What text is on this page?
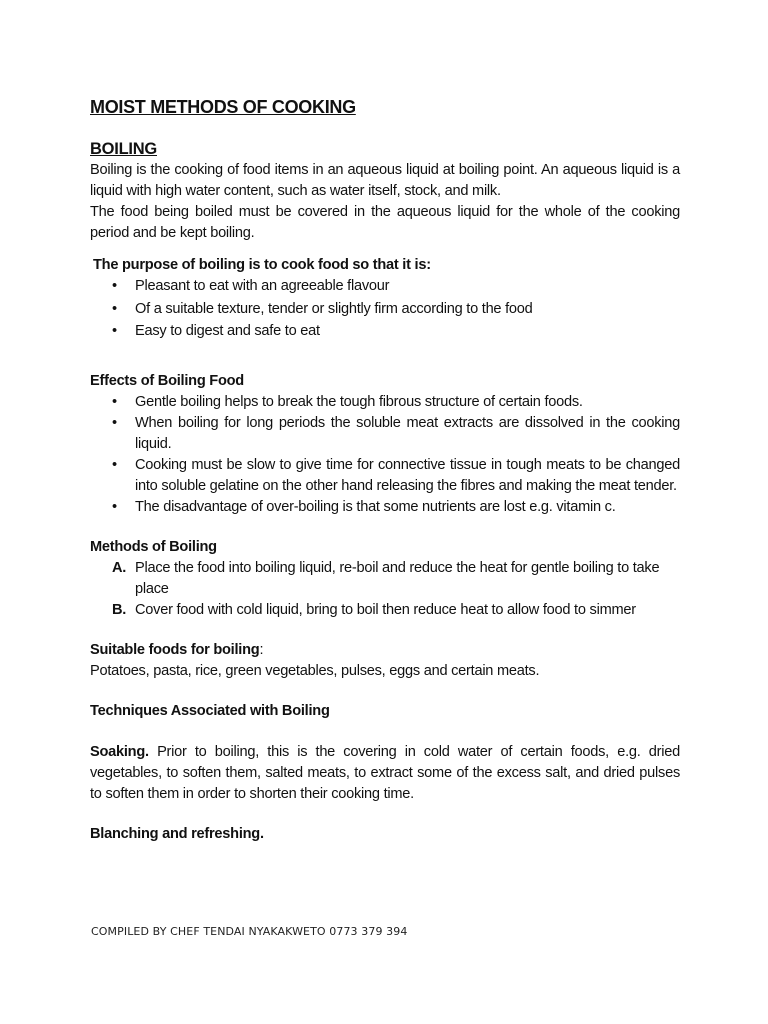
MOIST METHODS OF COOKING
BOILING

Boiling is the cooking of food items in an aqueous liquid at boiling point. An aqueous liquid is a liquid with high water content, such as water itself, stock, and milk.

The food being boiled must be covered in the aqueous liquid for the whole of the cooking period and be kept boiling.

The purpose of boiling is to cook food so that it is:

• Pleasant to eat with an agreeable flavour
• Of a suitable texture, tender or slightly firm according to the food
• Easy to digest and safe to eat

Effects of Boiling Food

• Gentle boiling helps to break the tough fibrous structure of certain foods.
• When boiling for long periods the soluble meat extracts are dissolved in the cooking liquid.
• Cooking must be slow to give time for connective tissue in tough meats to be changed into soluble gelatine on the other hand releasing the fibres and making the meat tender.
• The disadvantage of over-boiling is that some nutrients are lost e.g. vitamin c.

Methods of Boiling

A. Place the food into boiling liquid, re-boil and reduce the heat for gentle boiling to take place
B. Cover food with cold liquid, bring to boil then reduce heat to allow food to simmer

Suitable foods for boiling:

Potatoes, pasta, rice, green vegetables, pulses, eggs and certain meats.

Techniques Associated with Boiling

Soaking. Prior to boiling, this is the covering in cold water of certain foods, e.g. dried vegetables, to soften them, salted meats, to extract some of the excess salt, and dried pulses to soften them in order to shorten their cooking time.

Blanching and refreshing.

COMPILED BY CHEF TENDAI NYAKAKWETO 0773 379 394
